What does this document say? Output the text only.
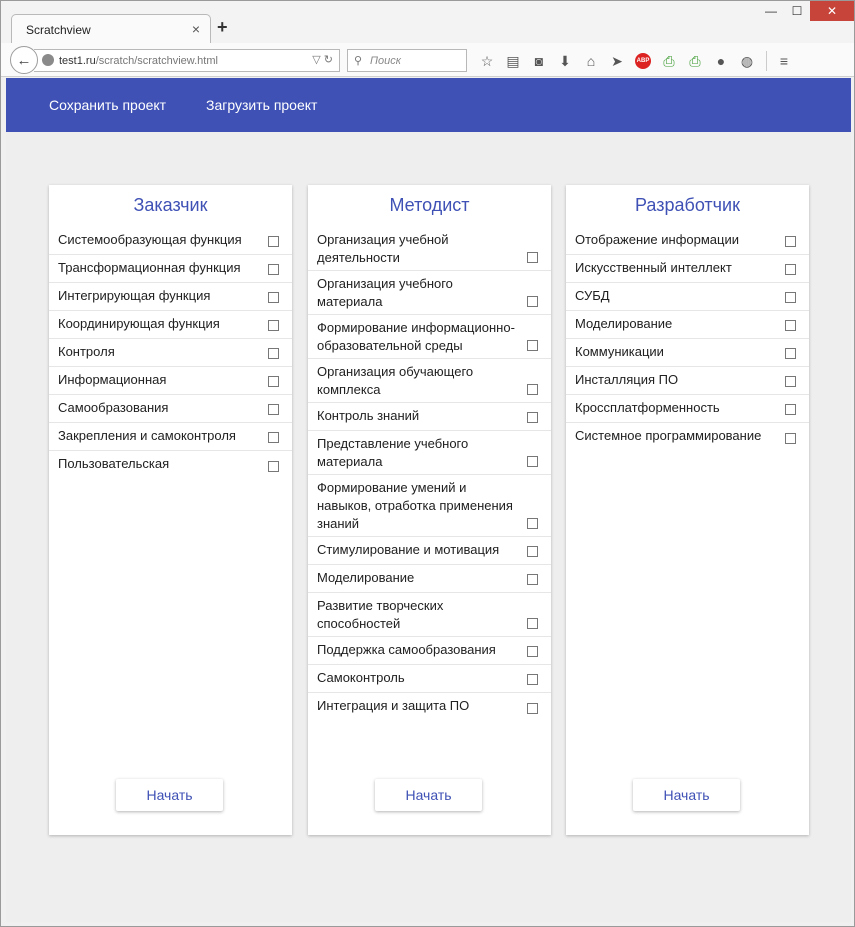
Scratchview	× +
—	☐	✕
test1.ru/scratch/scratchview.html	▽ ↻
←	⚲ Поиск	☆ ▤	◙	⬇	⌂	➤	ABP	⎙	⎙	●	◍	≡
Сохранить проект	Загрузить проект
Заказчик
Системообразующая функция
Трансформационная функция
Интегрирующая функция
Координирующая функция
Контроля
Информационная
Самообразования
Закрепления и самоконтроля
Пользовательская
Начать
Методист
Организация учебной деятельности
Организация учебного материала
Формирование информационно-образовательной среды
Организация обучающего комплекса
Контроль знаний
Представление учебного материала
Формирование умений и навыков, отработка применения знаний
Стимулирование и мотивация
Моделирование
Развитие творческих способностей
Поддержка самообразования
Самоконтроль
Интеграция и защита ПО
Начать
Разработчик
Отображение информации
Искусственный интеллект
СУБД
Моделирование
Коммуникации
Инсталляция ПО
Кроссплатформенность
Системное программирование
Начать
